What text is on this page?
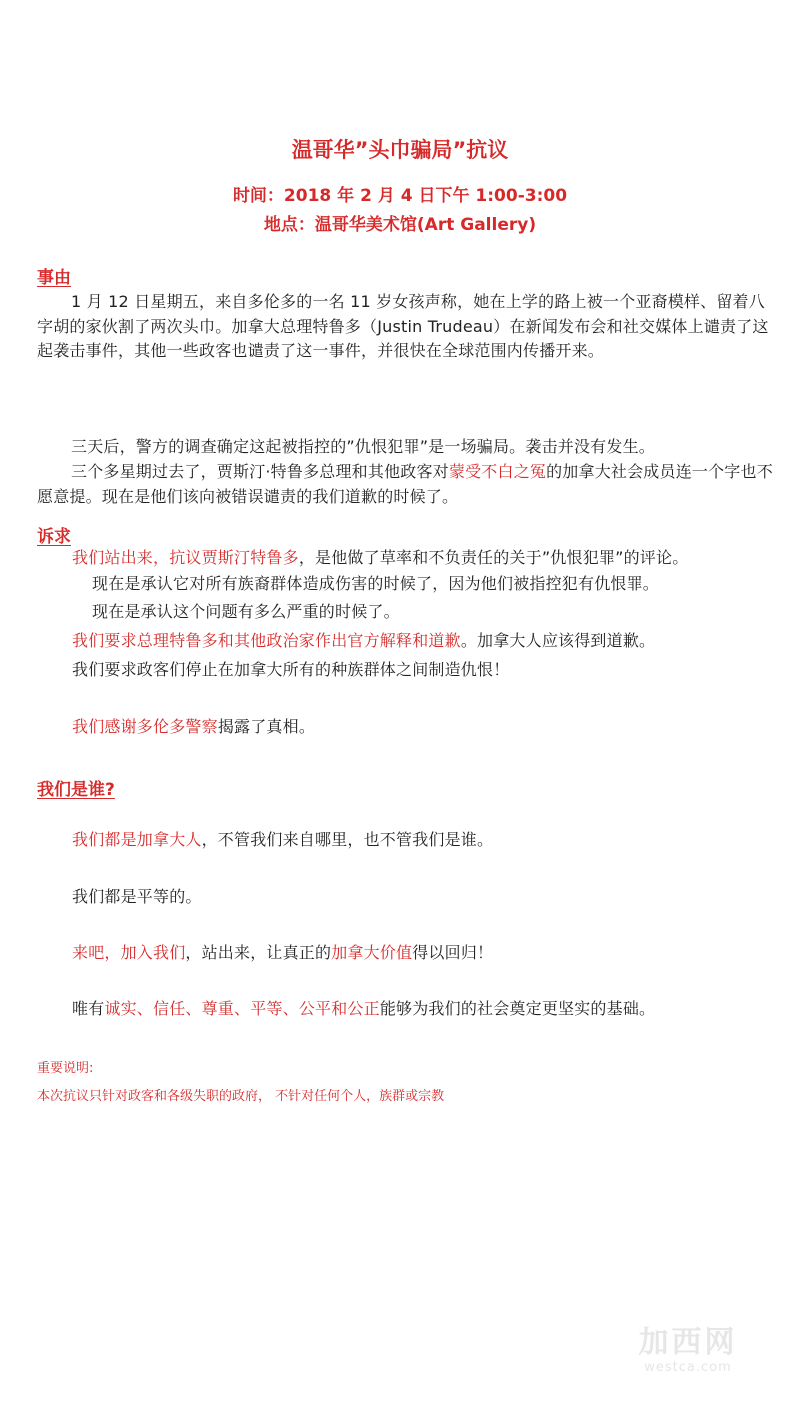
温哥华”头巾骗局”抗议
时间：2018 年 2 月 4 日下午 1:00-3:00
地点：温哥华美术馆(Art Gallery)
事由
1 月 12 日星期五，来自多伦多的一名 11 岁女孩声称，她在上学的路上被一个亚裔模样、留着八字胡的家伙割了两次头巾。加拿大总理特鲁多（Justin Trudeau）在新闻发布会和社交媒体上谴责了这起袭击事件，其他一些政客也谴责了这一事件，并很快在全球范围内传播开来。
三天后，警方的调查确定这起被指控的”仇恨犯罪”是一场骗局。袭击并没有发生。
三个多星期过去了，贾斯汀·特鲁多总理和其他政客对蒙受不白之冤的加拿大社会成员连一个字也不愿意提。现在是他们该向被错误谴责的我们道歉的时候了。
诉求
我们站出来，抗议贾斯汀特鲁多，是他做了草率和不负责任的关于”仇恨犯罪”的评论。
现在是承认它对所有族裔群体造成伤害的时候了，因为他们被指控犯有仇恨罪。
现在是承认这个问题有多么严重的时候了。
我们要求总理特鲁多和其他政治家作出官方解释和道歉。加拿大人应该得到道歉。
我们要求政客们停止在加拿大所有的种族群体之间制造仇恨！
我们感谢多伦多警察揭露了真相。
我们是谁?
我们都是加拿大人，不管我们来自哪里，也不管我们是谁。
我们都是平等的。
来吧，加入我们，站出来，让真正的加拿大价值得以回归！
唯有诚实、信任、尊重、平等、公平和公正能够为我们的社会奠定更坚实的基础。
重要说明:
本次抗议只针对政客和各级失职的政府， 不针对任何个人，族群或宗教
加西网
westca.com
